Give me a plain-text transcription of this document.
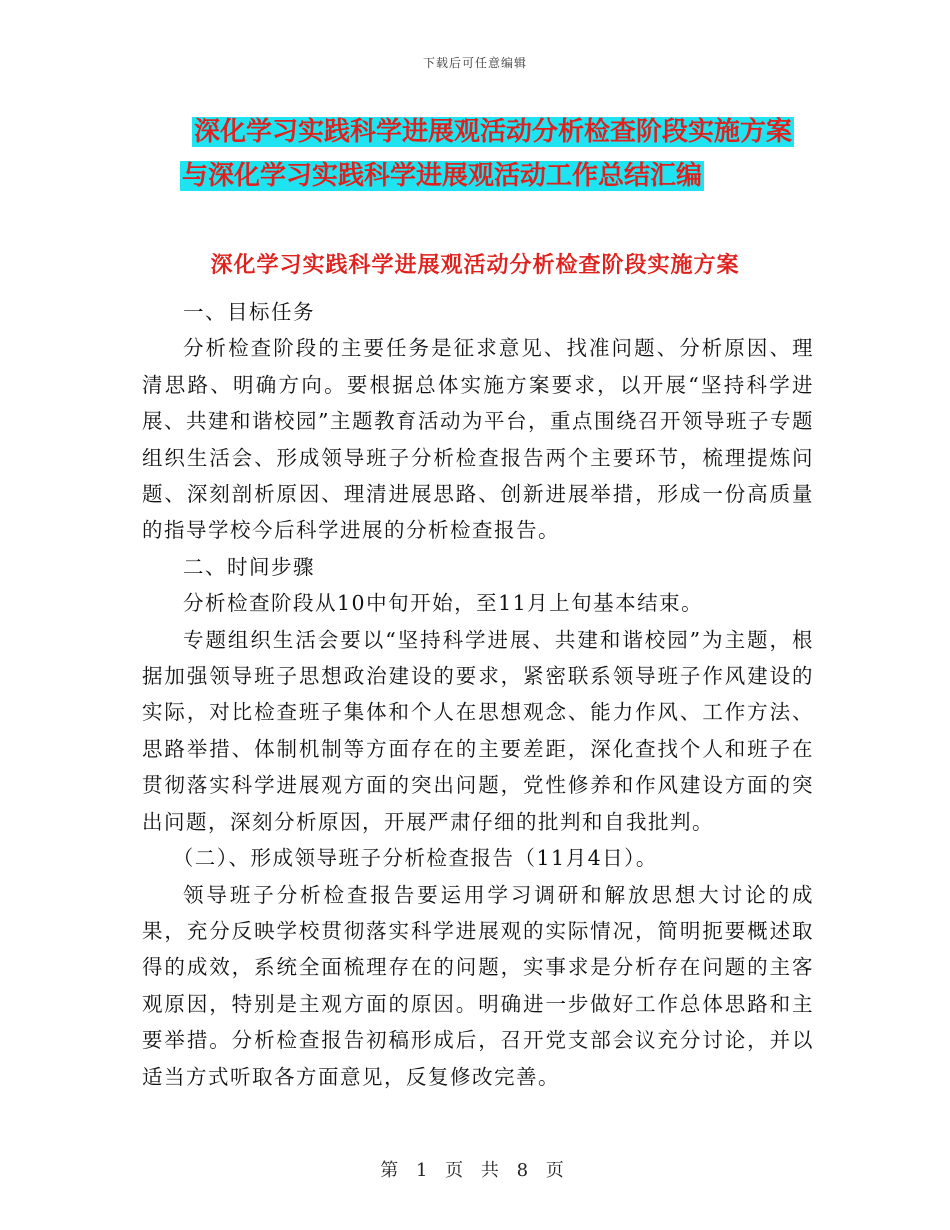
下载后可任意编辑
深化学习实践科学进展观活动分析检查阶段实施方案
与深化学习实践科学进展观活动工作总结汇编
深化学习实践科学进展观活动分析检查阶段实施方案

一、目标任务

分析检查阶段的主要任务是征求意见、找准问题、分析原因、理清思路、明确方向。要根据总体实施方案要求，以开展“坚持科学进展、共建和谐校园”主题教育活动为平台，重点围绕召开领导班子专题组织生活会、形成领导班子分析检查报告两个主要环节，梳理提炼问题、深刻剖析原因、理清进展思路、创新进展举措，形成一份高质量的指导学校今后科学进展的分析检查报告。

二、时间步骤

分析检查阶段从10中旬开始，至11月上旬基本结束。

专题组织生活会要以“坚持科学进展、共建和谐校园”为主题，根据加强领导班子思想政治建设的要求，紧密联系领导班子作风建设的实际，对比检查班子集体和个人在思想观念、能力作风、工作方法、思路举措、体制机制等方面存在的主要差距，深化查找个人和班子在贯彻落实科学进展观方面的突出问题，党性修养和作风建设方面的突出问题，深刻分析原因，开展严肃仔细的批判和自我批判。

（二）、形成领导班子分析检查报告（11月4日）。

领导班子分析检查报告要运用学习调研和解放思想大讨论的成果，充分反映学校贯彻落实科学进展观的实际情况，简明扼要概述取得的成效，系统全面梳理存在的问题，实事求是分析存在问题的主客观原因，特别是主观方面的原因。明确进一步做好工作总体思路和主要举措。分析检查报告初稿形成后，召开党支部会议充分讨论，并以适当方式听取各方面意见，反复修改完善。

第 1 页 共 8 页
